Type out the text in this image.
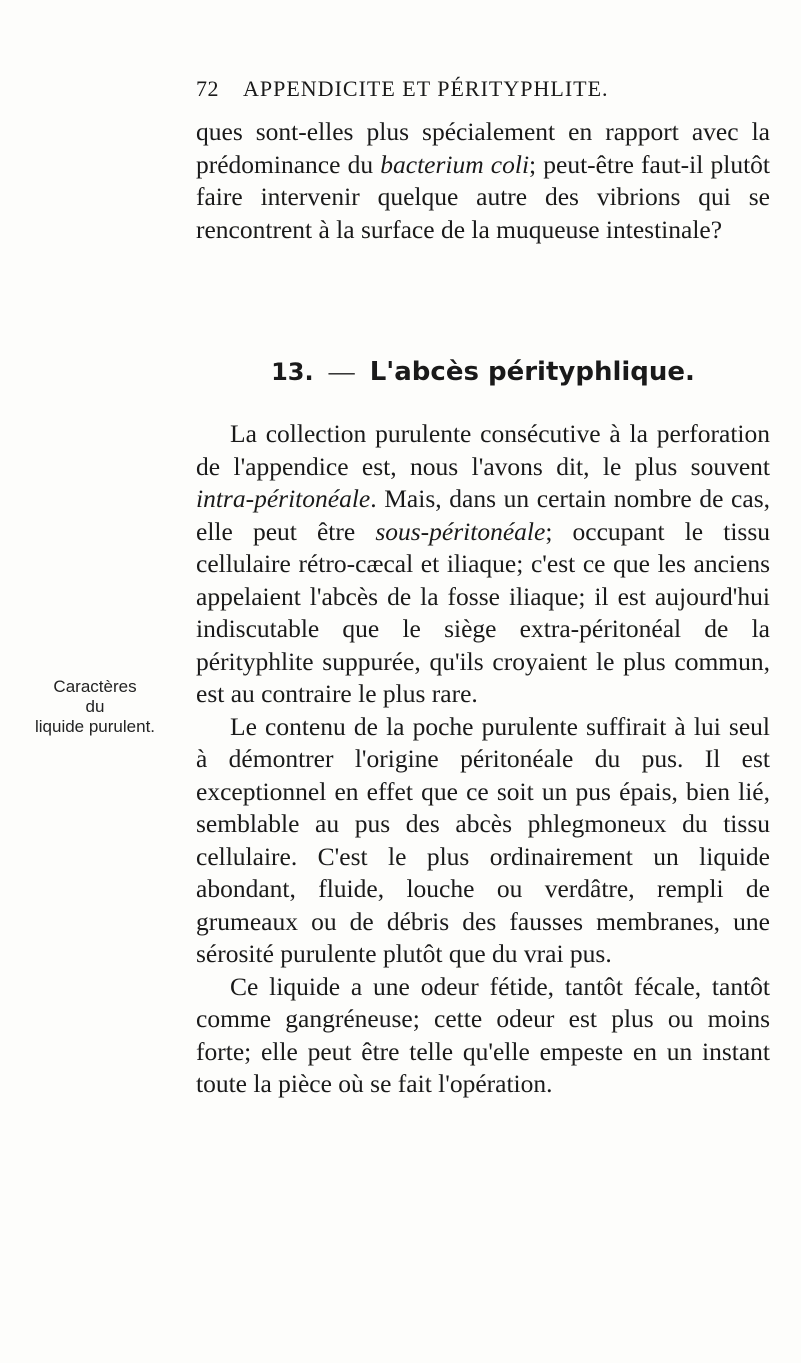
72 APPENDICITE ET PÉRITYPHLITE.

ques sont-elles plus spécialement en rapport avec la prédominance du bacterium coli; peut-être faut-il plutôt faire intervenir quelque autre des vibrions qui se rencontrent à la surface de la muqueuse intestinale?

13. — L'abcès pérityphlique.

La collection purulente consécutive à la perforation de l'appendice est, nous l'avons dit, le plus souvent intra-péritonéale. Mais, dans un certain nombre de cas, elle peut être sous-péritonéale; occupant le tissu cellulaire rétro-cæcal et iliaque; c'est ce que les anciens appelaient l'abcès de la fosse iliaque; il est aujourd'hui indiscutable que le siège extra-péritonéal de la pérityphlite suppurée, qu'ils croyaient le plus commun, est au contraire le plus rare.

Le contenu de la poche purulente suffirait à lui seul à démontrer l'origine péritonéale du pus. Il est exceptionnel en effet que ce soit un pus épais, bien lié, semblable au pus des abcès phlegmoneux du tissu cellulaire. C'est le plus ordinairement un liquide abondant, fluide, louche ou verdâtre, rempli de grumeaux ou de débris des fausses membranes, une sérosité purulente plutôt que du vrai pus.

Ce liquide a une odeur fétide, tantôt fécale, tantôt comme gangréneuse; cette odeur est plus ou moins forte; elle peut être telle qu'elle empeste en un instant toute la pièce où se fait l'opération.

Caractères
du
liquide purulent.
